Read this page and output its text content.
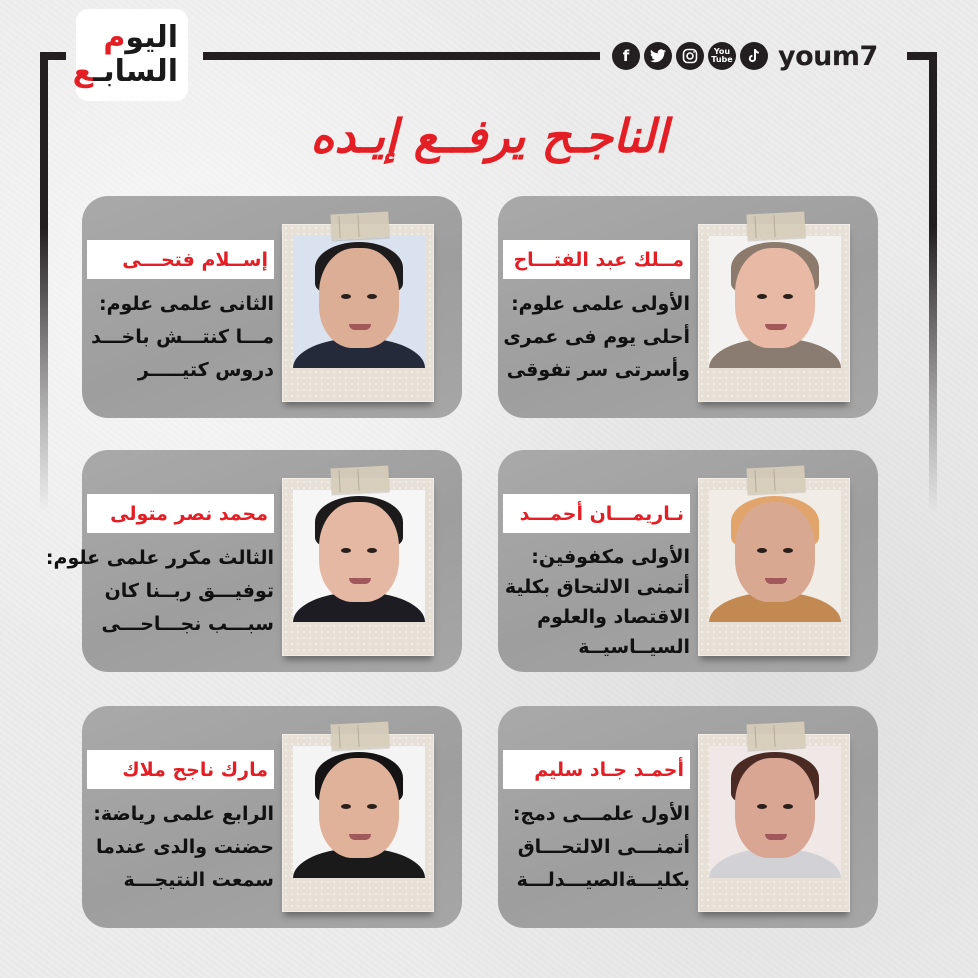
اليوم
السابـع	f	You
Tube youm7
الناجـح يرفــع إيـده
مــلك عبد الفتـــاح
الأولى علمى علوم:
أحلى يوم فى عمرى
وأسرتى سر تفوقى
إســلام فتحـــى
الثانى علمى علوم:
مـــا كنتـــش باخـــد
دروس كتيـــــر
نـاريمـــان أحمـــد
الأولى مكفوفين:
أتمنى الالتحاق بكلية
الاقتصاد والعلوم
السيــاسيــة
محمد نصر متولى
الثالث مكرر علمى علوم:
توفيـــق ربــنا كان
سبـــب نجـــاحـــى
أحمـد جـاد سليم
الأول علمـــى دمج:
أتمنـــى الالتحـــاق
بكليـــةالصيـــدلـــة
مارك ناجح ملاك
الرابع علمى رياضة:
حضنت والدى عندما
سمعت النتيجـــة
